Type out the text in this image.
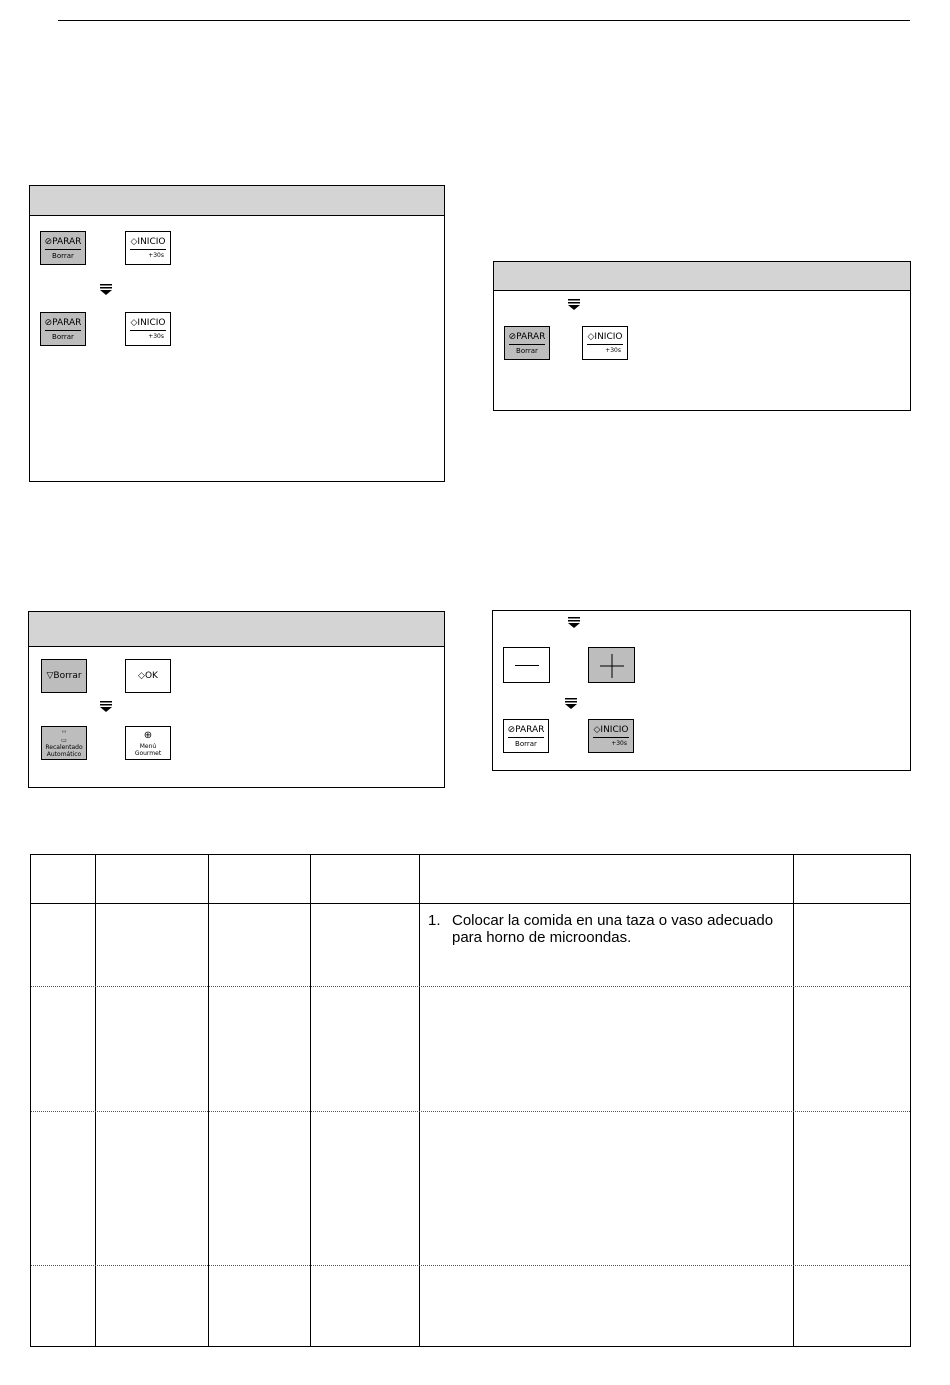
⊘PARAR
Borrar
◇INICIO
+30s
⊘PARAR
Borrar
◇INICIO
+30s	⊘PARAR
Borrar
◇INICIO
+30s
▽Borrar	◇OK
ꜝꜝꜝ
▭
Recalentado
Automático
⊕
Menú
Gourmet
⊘PARAR
Borrar
◇INICIO
+30s
1. Colocar la comida en una taza o vaso adecuado para horno de microondas.
